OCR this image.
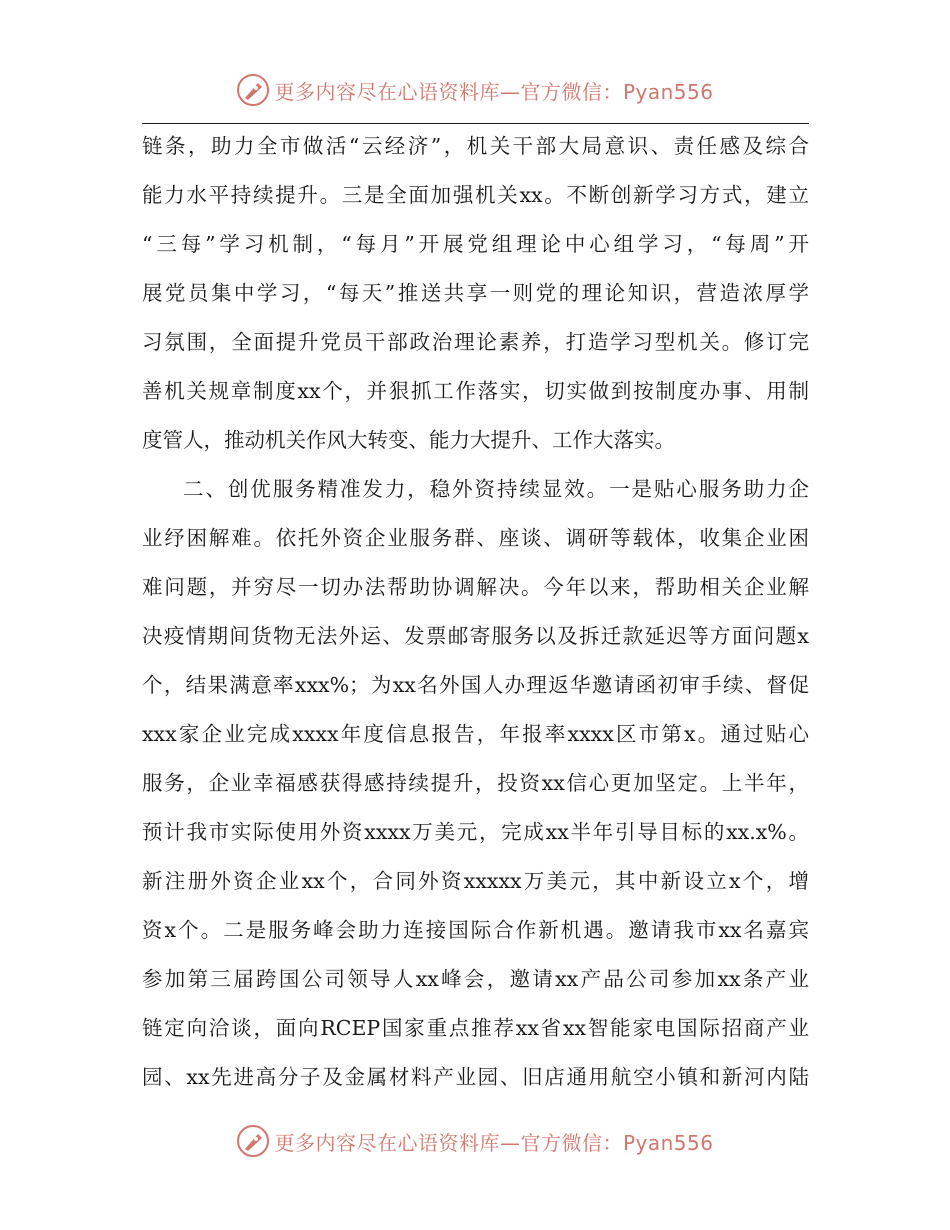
更多内容尽在心语资料库—官方微信：Pyan556
链条，助力全市做活“云经济”，机关干部大局意识、责任感及综合
能力水平持续提升。三是全面加强机关xx。不断创新学习方式，建立
“三每”学习机制，“每月”开展党组理论中心组学习，“每周”开
展党员集中学习，“每天”推送共享一则党的理论知识，营造浓厚学
习氛围，全面提升党员干部政治理论素养，打造学习型机关。修订完
善机关规章制度xx个，并狠抓工作落实，切实做到按制度办事、用制
度管人，推动机关作风大转变、能力大提升、工作大落实。
二、创优服务精准发力，稳外资持续显效。一是贴心服务助力企
业纾困解难。依托外资企业服务群、座谈、调研等载体，收集企业困
难问题，并穷尽一切办法帮助协调解决。今年以来，帮助相关企业解
决疫情期间货物无法外运、发票邮寄服务以及拆迁款延迟等方面问题x
个，结果满意率xxx%；为xx名外国人办理返华邀请函初审手续、督促
xxx家企业完成xxxx年度信息报告，年报率xxxx区市第x。通过贴心
服务，企业幸福感获得感持续提升，投资xx信心更加坚定。上半年，
预计我市实际使用外资xxxx万美元，完成xx半年引导目标的xx.x%。
新注册外资企业xx个，合同外资xxxxx万美元，其中新设立x个，增
资x个。二是服务峰会助力连接国际合作新机遇。邀请我市xx名嘉宾
参加第三届跨国公司领导人xx峰会，邀请xx产品公司参加xx条产业
链定向洽谈，面向RCEP国家重点推荐xx省xx智能家电国际招商产业
园、xx先进高分子及金属材料产业园、旧店通用航空小镇和新河内陆
更多内容尽在心语资料库—官方微信：Pyan556
